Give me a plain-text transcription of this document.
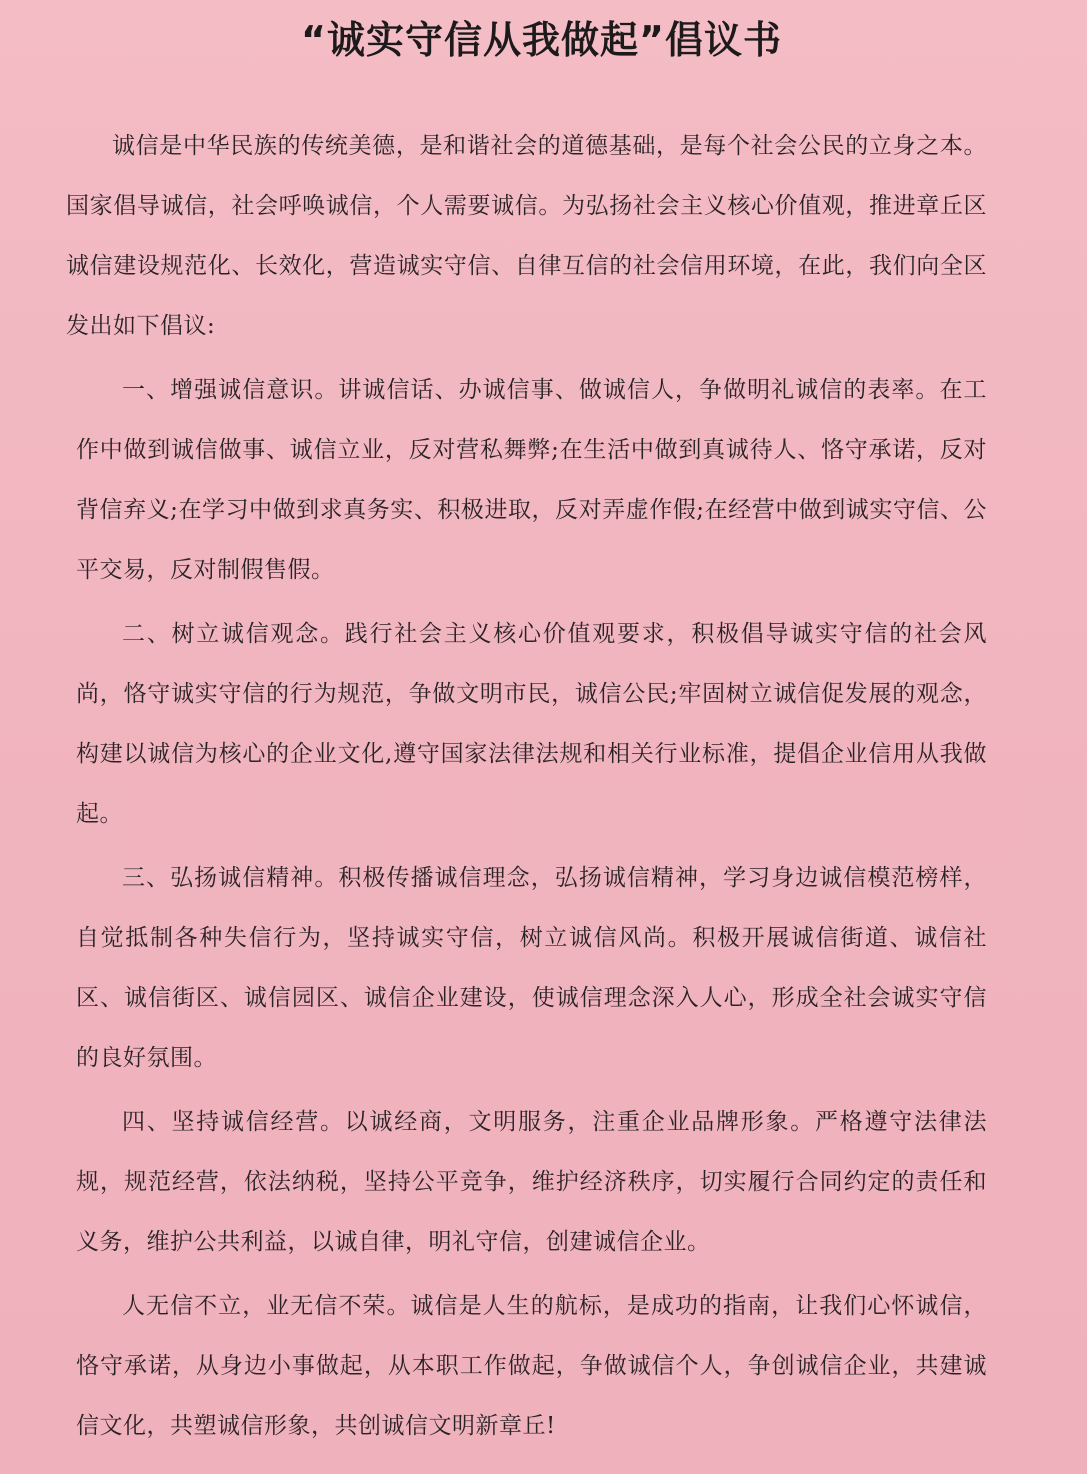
“诚实守信从我做起”倡议书

诚信是中华民族的传统美德，是和谐社会的道德基础，是每个社会公民的立身之本。国家倡导诚信，社会呼唤诚信，个人需要诚信。为弘扬社会主义核心价值观，推进章丘区诚信建设规范化、长效化，营造诚实守信、自律互信的社会信用环境，在此，我们向全区发出如下倡议:

一、增强诚信意识。讲诚信话、办诚信事、做诚信人，争做明礼诚信的表率。在工作中做到诚信做事、诚信立业，反对营私舞弊;在生活中做到真诚待人、恪守承诺，反对背信弃义;在学习中做到求真务实、积极进取，反对弄虚作假;在经营中做到诚实守信、公平交易，反对制假售假。

二、树立诚信观念。践行社会主义核心价值观要求，积极倡导诚实守信的社会风尚，恪守诚实守信的行为规范，争做文明市民，诚信公民;牢固树立诚信促发展的观念，构建以诚信为核心的企业文化,遵守国家法律法规和相关行业标准，提倡企业信用从我做起。

三、弘扬诚信精神。积极传播诚信理念，弘扬诚信精神，学习身边诚信模范榜样，自觉抵制各种失信行为，坚持诚实守信，树立诚信风尚。积极开展诚信街道、诚信社区、诚信街区、诚信园区、诚信企业建设，使诚信理念深入人心，形成全社会诚实守信的良好氛围。

四、坚持诚信经营。以诚经商，文明服务，注重企业品牌形象。严格遵守法律法规，规范经营，依法纳税，坚持公平竞争，维护经济秩序，切实履行合同约定的责任和义务，维护公共利益，以诚自律，明礼守信，创建诚信企业。

人无信不立，业无信不荣。诚信是人生的航标，是成功的指南，让我们心怀诚信，恪守承诺，从身边小事做起，从本职工作做起，争做诚信个人，争创诚信企业，共建诚信文化，共塑诚信形象，共创诚信文明新章丘!
